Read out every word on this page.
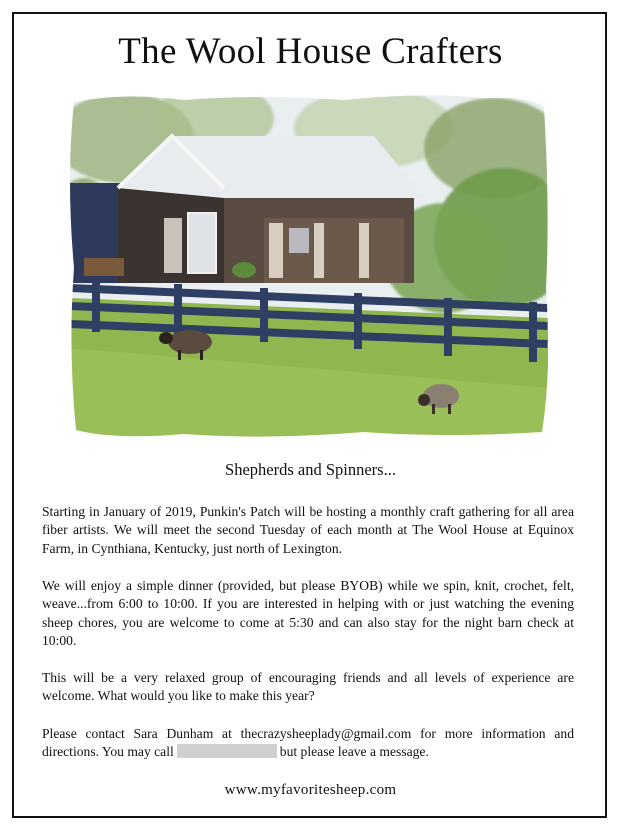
The Wool House Crafters
Shepherds and Spinners...
Starting in January of 2019, Punkin's Patch will be hosting a monthly craft gathering for all area fiber artists. We will meet the second Tuesday of each month at The Wool House at Equinox Farm, in Cynthiana, Kentucky, just north of Lexington.
We will enjoy a simple dinner (provided, but please BYOB) while we spin, knit, crochet, felt, weave...from 6:00 to 10:00. If you are interested in helping with or just watching the evening sheep chores, you are welcome to come at 5:30 and can also stay for the night barn check at 10:00.
This will be a very relaxed group of encouraging friends and all levels of experience are welcome. What would you like to make this year?
Please contact Sara Dunham at thecrazysheeplady@gmail.com for more information and directions. You may call	but please leave a message.
www.myfavoritesheep.com
